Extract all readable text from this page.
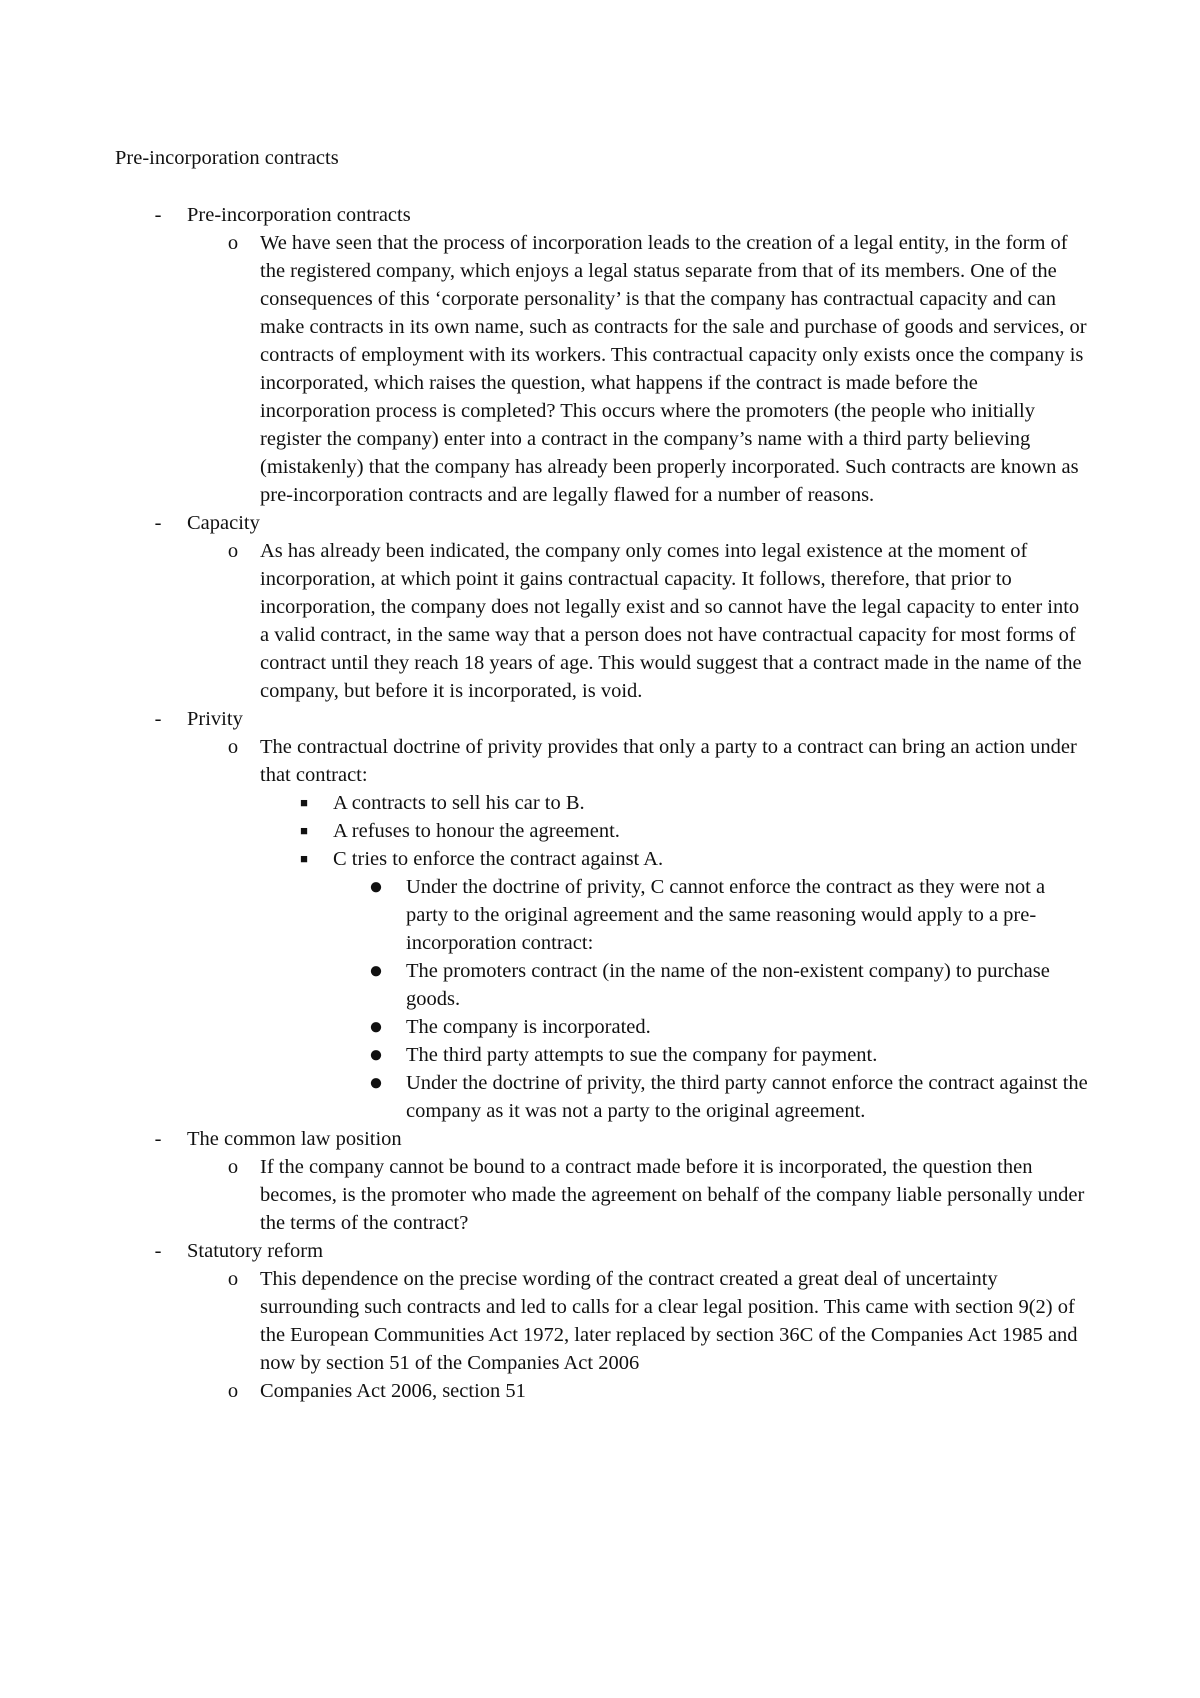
Pre-incorporation contracts
-	Pre-incorporation contracts
o We have seen that the process of incorporation leads to the creation of a legal entity, in the form of the registered company, which enjoys a legal status separate from that of its members. One of the consequences of this ‘corporate personality’ is that the company has contractual capacity and can make contracts in its own name, such as contracts for the sale and purchase of goods and services, or contracts of employment with its workers. This contractual capacity only exists once the company is incorporated, which raises the question, what happens if the contract is made before the incorporation process is completed? This occurs where the promoters (the people who initially register the company) enter into a contract in the company’s name with a third party believing (mistakenly) that the company has already been properly incorporated. Such contracts are known as pre-incorporation contracts and are legally flawed for a number of reasons.
-	Capacity
o As has already been indicated, the company only comes into legal existence at the moment of incorporation, at which point it gains contractual capacity. It follows, therefore, that prior to incorporation, the company does not legally exist and so cannot have the legal capacity to enter into a valid contract, in the same way that a person does not have contractual capacity for most forms of contract until they reach 18 years of age. This would suggest that a contract made in the name of the company, but before it is incorporated, is void.
-	Privity
o The contractual doctrine of privity provides that only a party to a contract can bring an action under that contract:
■ A contracts to sell his car to B.
■ A refuses to honour the agreement.
■ C tries to enforce the contract against A.
● Under the doctrine of privity, C cannot enforce the contract as they were not a party to the original agreement and the same reasoning would apply to a pre-incorporation contract:
● The promoters contract (in the name of the non-existent company) to purchase goods.
● The company is incorporated.
● The third party attempts to sue the company for payment.
● Under the doctrine of privity, the third party cannot enforce the contract against the company as it was not a party to the original agreement.
-	The common law position
o If the company cannot be bound to a contract made before it is incorporated, the question then becomes, is the promoter who made the agreement on behalf of the company liable personally under the terms of the contract?
-	Statutory reform
o This dependence on the precise wording of the contract created a great deal of uncertainty surrounding such contracts and led to calls for a clear legal position. This came with section 9(2) of the European Communities Act 1972, later replaced by section 36C of the Companies Act 1985 and now by section 51 of the Companies Act 2006
o Companies Act 2006, section 51
